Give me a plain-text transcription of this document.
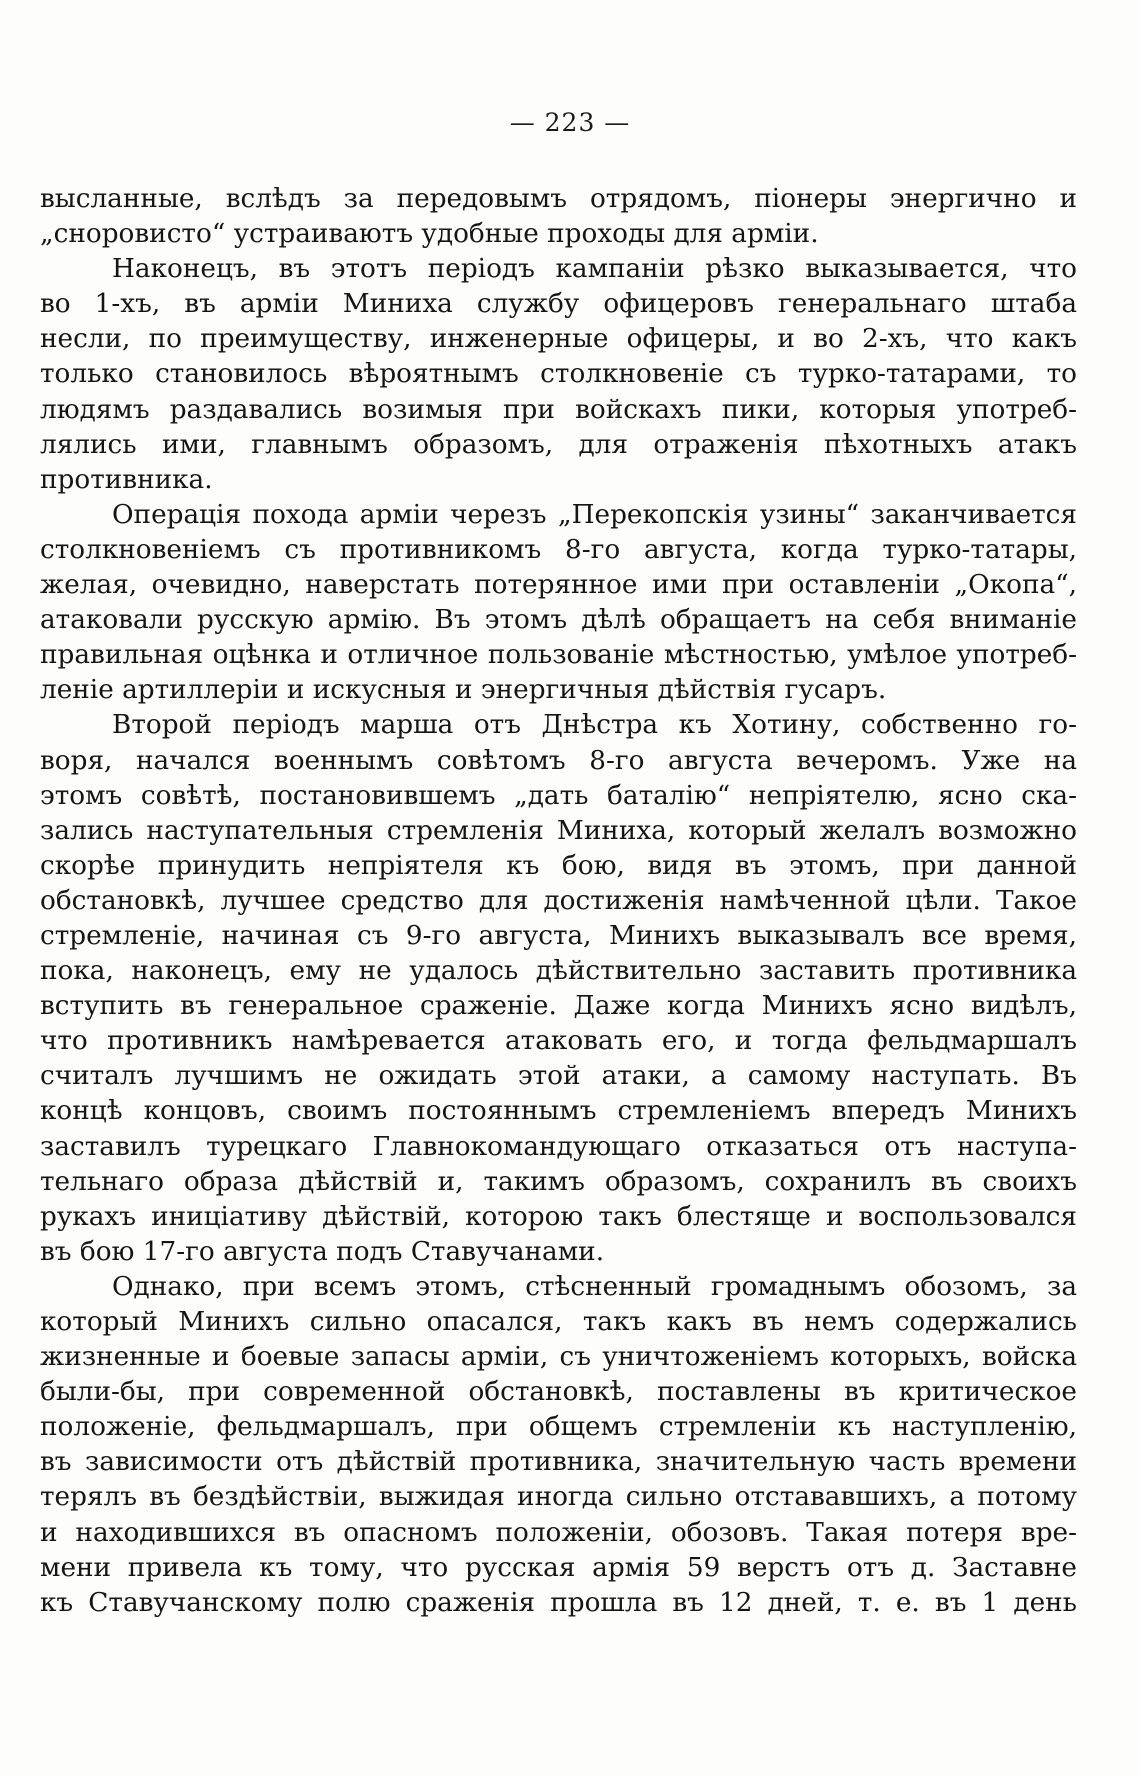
— 223 —
высланные, вслѣдъ за передовымъ отрядомъ, піонеры энергично и
„сноровисто“ устраиваютъ удобные проходы для арміи.
Наконецъ, въ этотъ періодъ кампаніи рѣзко выказывается, что
во 1-хъ, въ арміи Миниха службу офицеровъ генеральнаго штаба
несли, по преимуществу, инженерные офицеры, и во 2-хъ, что какъ
только становилось вѣроятнымъ столкновеніе съ турко-татарами, то
людямъ раздавались возимыя при войскахъ пики, которыя употреб-
лялись ими, главнымъ образомъ, для отраженія пѣхотныхъ атакъ
противника.
Операція похода арміи черезъ „Перекопскія узины“ заканчивается
столкновеніемъ съ противникомъ 8-го августа, когда турко-татары,
желая, очевидно, наверстать потерянное ими при оставленіи „Окопа“,
атаковали русскую армію. Въ этомъ дѣлѣ обращаетъ на себя вниманіе
правильная оцѣнка и отличное пользованіе мѣстностью, умѣлое употреб-
леніе артиллеріи и искусныя и энергичныя дѣйствія гусаръ.
Второй періодъ марша отъ Днѣстра къ Хотину, собственно го-
воря, начался военнымъ совѣтомъ 8-го августа вечеромъ. Уже на
этомъ совѣтѣ, постановившемъ „дать баталію“ непріятелю, ясно ска-
зались наступательныя стремленія Миниха, который желалъ возможно
скорѣе принудить непріятеля къ бою, видя въ этомъ, при данной
обстановкѣ, лучшее средство для достиженія намѣченной цѣли. Такое
стремленіе, начиная съ 9-го августа, Минихъ выказывалъ все время,
пока, наконецъ, ему не удалось дѣйствительно заставить противника
вступить въ генеральное сраженіе. Даже когда Минихъ ясно видѣлъ,
что противникъ намѣревается атаковать его, и тогда фельдмаршалъ
считалъ лучшимъ не ожидать этой атаки, а самому наступать. Въ
концѣ концовъ, своимъ постояннымъ стремленіемъ впередъ Минихъ
заставилъ турецкаго Главнокомандующаго отказаться отъ наступа-
тельнаго образа дѣйствій и, такимъ образомъ, сохранилъ въ своихъ
рукахъ иниціативу дѣйствій, которою такъ блестяще и воспользовался
въ бою 17-го августа подъ Ставучанами.
Однако, при всемъ этомъ, стѣсненный громаднымъ обозомъ, за
который Минихъ сильно опасался, такъ какъ въ немъ содержались
жизненные и боевые запасы арміи, съ уничтоженіемъ которыхъ, войска
были-бы, при современной обстановкѣ, поставлены въ критическое
положеніе, фельдмаршалъ, при общемъ стремленіи къ наступленію,
въ зависимости отъ дѣйствій противника, значительную часть времени
терялъ въ бездѣйствіи, выжидая иногда сильно отстававшихъ, а потому
и находившихся въ опасномъ положеніи, обозовъ. Такая потеря вре-
мени привела къ тому, что русская армія 59 верстъ отъ д. Заставне
къ Ставучанскому полю сраженія прошла въ 12 дней, т. е. въ 1 день
